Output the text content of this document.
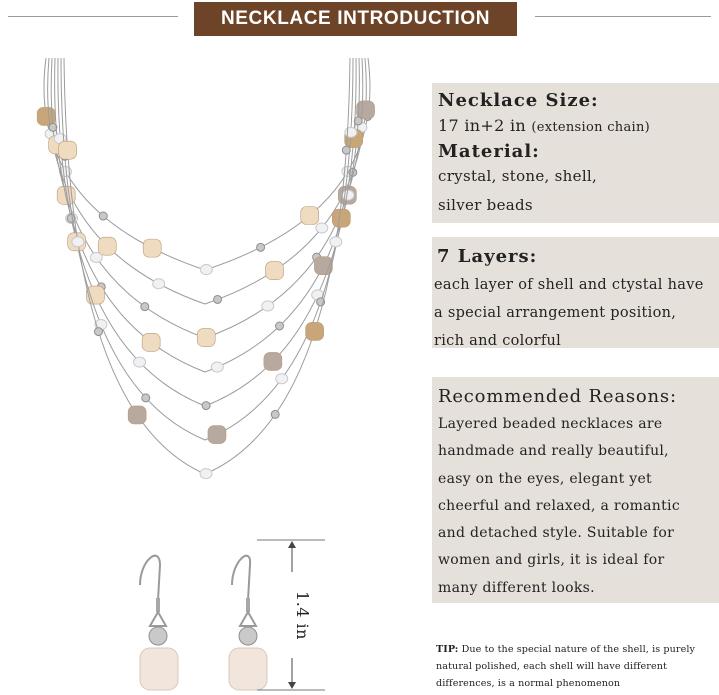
NECKLACE INTRODUCTION
1.4 in
Necklace Size:
17 in+2 in (extension chain)
Material:
crystal, stone, shell,
silver beads
7 Layers:
each layer of shell and ctystal have
a special arrangement position,
rich and colorful
Recommended Reasons:
Layered beaded necklaces are
handmade and really beautiful,
easy on the eyes, elegant yet
cheerful and relaxed, a romantic
and detached style. Suitable for
women and girls, it is ideal for
many different looks.
TIP: Due to the special nature of the shell, is purely natural polished, each shell will have different differences, is a normal phenomenon
